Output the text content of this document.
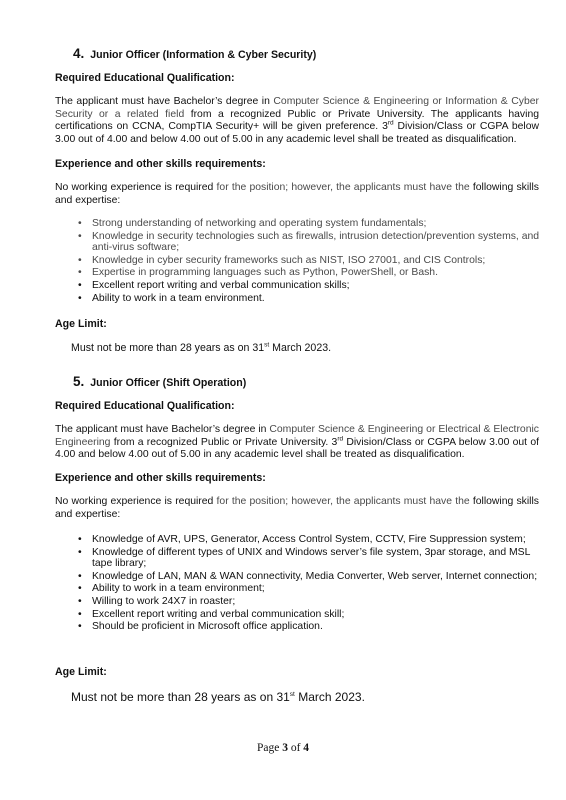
4. Junior Officer (Information & Cyber Security)
Required Educational Qualification:

The applicant must have Bachelor’s degree in Computer Science & Engineering or Information & Cyber Security or a related field from a recognized Public or Private University. The applicants having certifications on CCNA, CompTIA Security+ will be given preference. 3rd Division/Class or CGPA below 3.00 out of 4.00 and below 4.00 out of 5.00 in any academic level shall be treated as disqualification.

Experience and other skills requirements:

No working experience is required for the position; however, the applicants must have the following skills and expertise:

• Strong understanding of networking and operating system fundamentals;
• Knowledge in security technologies such as firewalls, intrusion detection/prevention systems, and anti-virus software;
• Knowledge in cyber security frameworks such as NIST, ISO 27001, and CIS Controls;
• Expertise in programming languages such as Python, PowerShell, or Bash.
• Excellent report writing and verbal communication skills;
• Ability to work in a team environment.
Age Limit:
Must not be more than 28 years as on 31st March 2023.
5. Junior Officer (Shift Operation)
Required Educational Qualification:

The applicant must have Bachelor’s degree in Computer Science & Engineering or Electrical & Electronic Engineering from a recognized Public or Private University. 3rd Division/Class or CGPA below 3.00 out of 4.00 and below 4.00 out of 5.00 in any academic level shall be treated as disqualification.

Experience and other skills requirements:

No working experience is required for the position; however, the applicants must have the following skills and expertise:

• Knowledge of AVR, UPS, Generator, Access Control System, CCTV, Fire Suppression system;
• Knowledge of different types of UNIX and Windows server’s file system, 3par storage, and MSL tape library;
• Knowledge of LAN, MAN & WAN connectivity, Media Converter, Web server, Internet connection;
• Ability to work in a team environment;
• Willing to work 24X7 in roaster;
• Excellent report writing and verbal communication skill;
• Should be proficient in Microsoft office application.
Age Limit:
Must not be more than 28 years as on 31st March 2023.
Page 3 of 4
